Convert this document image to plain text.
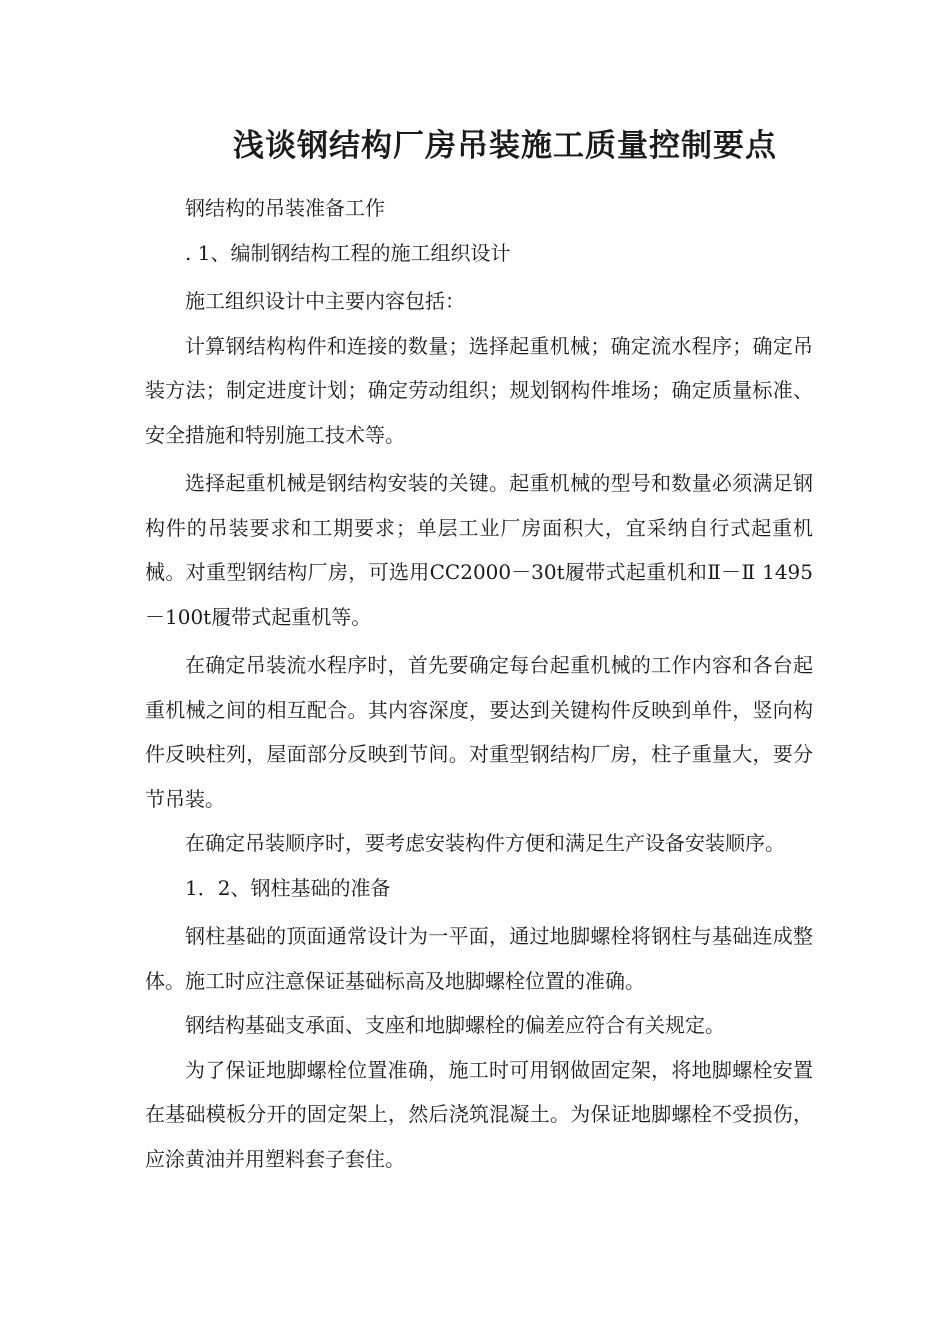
浅谈钢结构厂房吊装施工质量控制要点

钢结构的吊装准备工作

. 1、编制钢结构工程的施工组织设计

施工组织设计中主要内容包括：

计算钢结构构件和连接的数量；选择起重机械；确定流水程序；确定吊装方法；制定进度计划；确定劳动组织；规划钢构件堆场；确定质量标准、安全措施和特别施工技术等。

选择起重机械是钢结构安装的关键。起重机械的型号和数量必须满足钢构件的吊装要求和工期要求；单层工业厂房面积大，宜采纳自行式起重机械。对重型钢结构厂房，可选用CC2000－30t履带式起重机和Ⅱ－Ⅱ 1495－100t履带式起重机等。

在确定吊装流水程序时，首先要确定每台起重机械的工作内容和各台起重机械之间的相互配合。其内容深度，要达到关键构件反映到单件，竖向构件反映柱列，屋面部分反映到节间。对重型钢结构厂房，柱子重量大，要分节吊装。

在确定吊装顺序时，要考虑安装构件方便和满足生产设备安装顺序。

1．2、钢柱基础的准备

钢柱基础的顶面通常设计为一平面，通过地脚螺栓将钢柱与基础连成整体。施工时应注意保证基础标高及地脚螺栓位置的准确。

钢结构基础支承面、支座和地脚螺栓的偏差应符合有关规定。

为了保证地脚螺栓位置准确，施工时可用钢做固定架，将地脚螺栓安置在基础模板分开的固定架上，然后浇筑混凝土。为保证地脚螺栓不受损伤，应涂黄油并用塑料套子套住。
